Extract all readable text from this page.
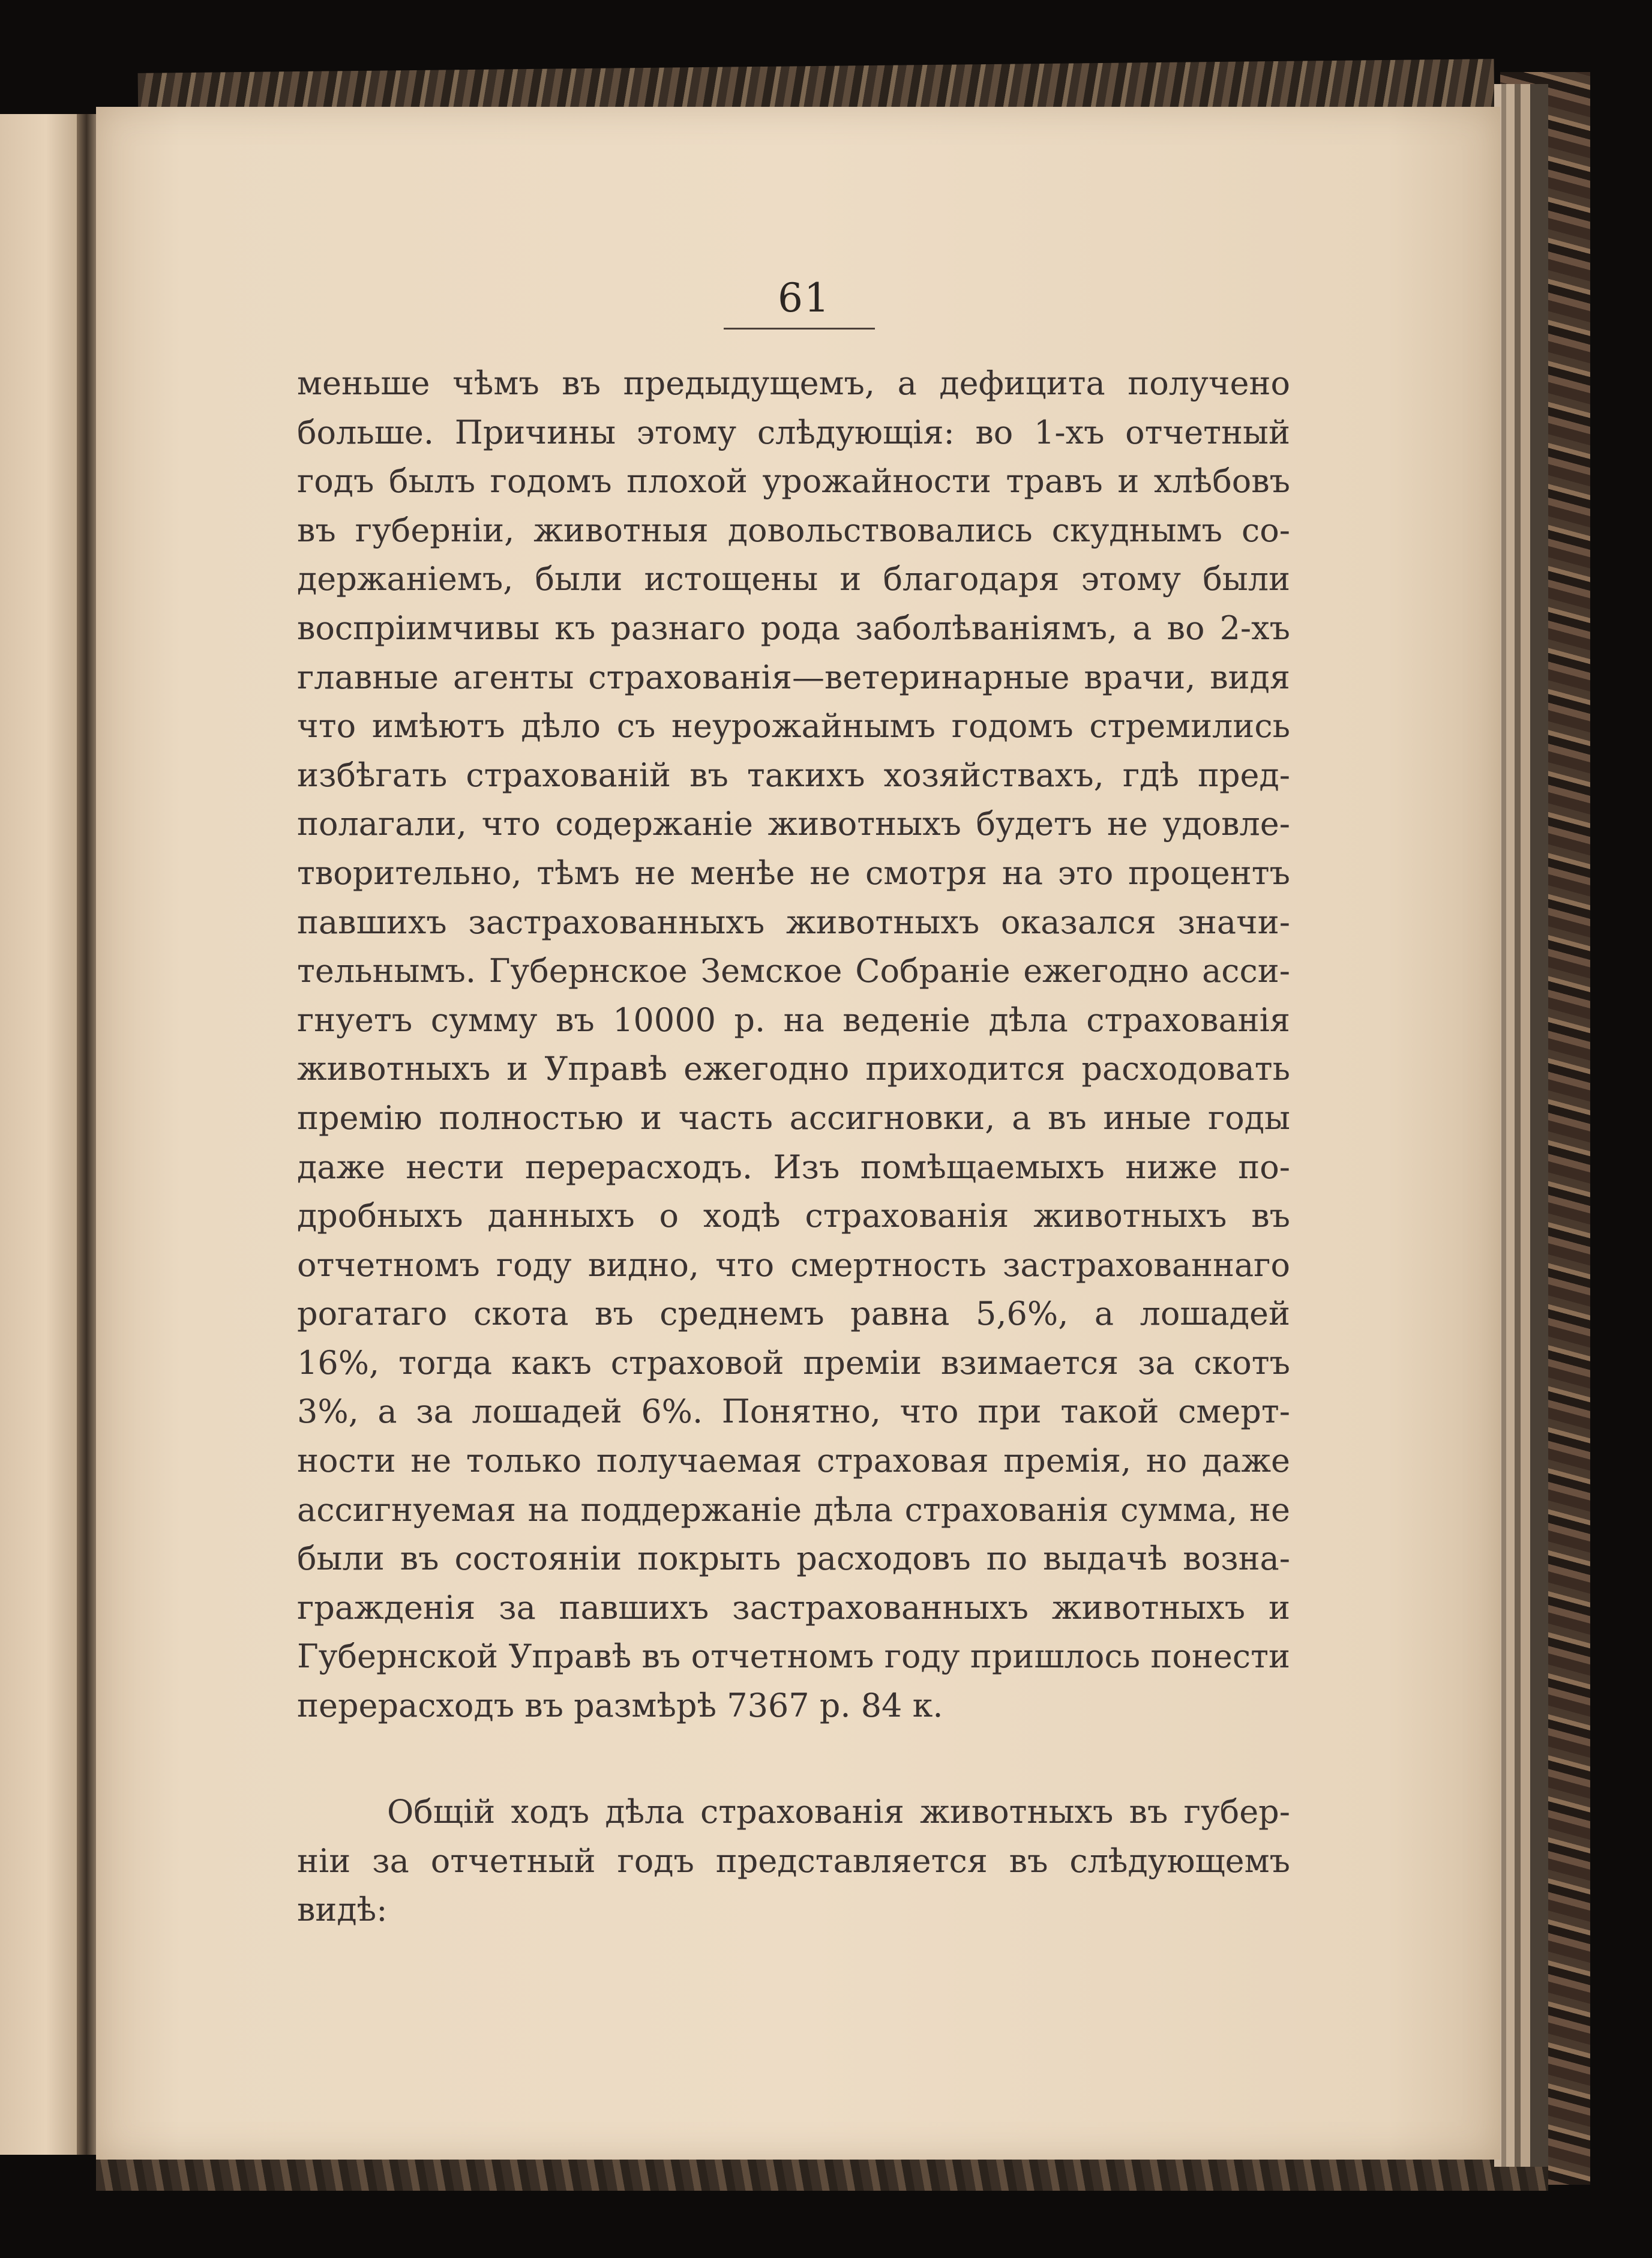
61
меньше чѣмъ въ предыдущемъ, а дефицита получено
больше. Причины этому слѣдующія: во 1-хъ отчетный
годъ былъ годомъ плохой урожайности травъ и хлѣбовъ
въ губерніи, животныя довольствовались скуднымъ со-
держаніемъ, были истощены и благодаря этому были
воспріимчивы къ разнаго рода заболѣваніямъ, а во 2-хъ
главные агенты страхованія—ветеринарные врачи, видя
что имѣютъ дѣло съ неурожайнымъ годомъ стремились
избѣгать страхованій въ такихъ хозяйствахъ, гдѣ пред-
полагали, что содержаніе животныхъ будетъ не удовле-
творительно, тѣмъ не менѣе не смотря на это процентъ
павшихъ застрахованныхъ животныхъ оказался значи-
тельнымъ. Губернское Земское Собраніе ежегодно асси-
гнуетъ сумму въ 10000 р. на веденіе дѣла страхованія
животныхъ и Управѣ ежегодно приходится расходовать
премію полностью и часть ассигновки, а въ иные годы
даже нести перерасходъ. Изъ помѣщаемыхъ ниже по-
дробныхъ данныхъ о ходѣ страхованія животныхъ въ
отчетномъ году видно, что смертность застрахованнаго
рогатаго скота въ среднемъ равна 5,6%, а лошадей
16%, тогда какъ страховой преміи взимается за скотъ
3%, а за лошадей 6%. Понятно, что при такой смерт-
ности не только получаемая страховая премія, но даже
ассигнуемая на поддержаніе дѣла страхованія сумма, не
были въ состояніи покрыть расходовъ по выдачѣ возна-
гражденія за павшихъ застрахованныхъ животныхъ и
Губернской Управѣ въ отчетномъ году пришлось понести
перерасходъ въ размѣрѣ 7367 р. 84 к.
Общій ходъ дѣла страхованія животныхъ въ губер-
ніи за отчетный годъ представляется въ слѣдующемъ
видѣ:
